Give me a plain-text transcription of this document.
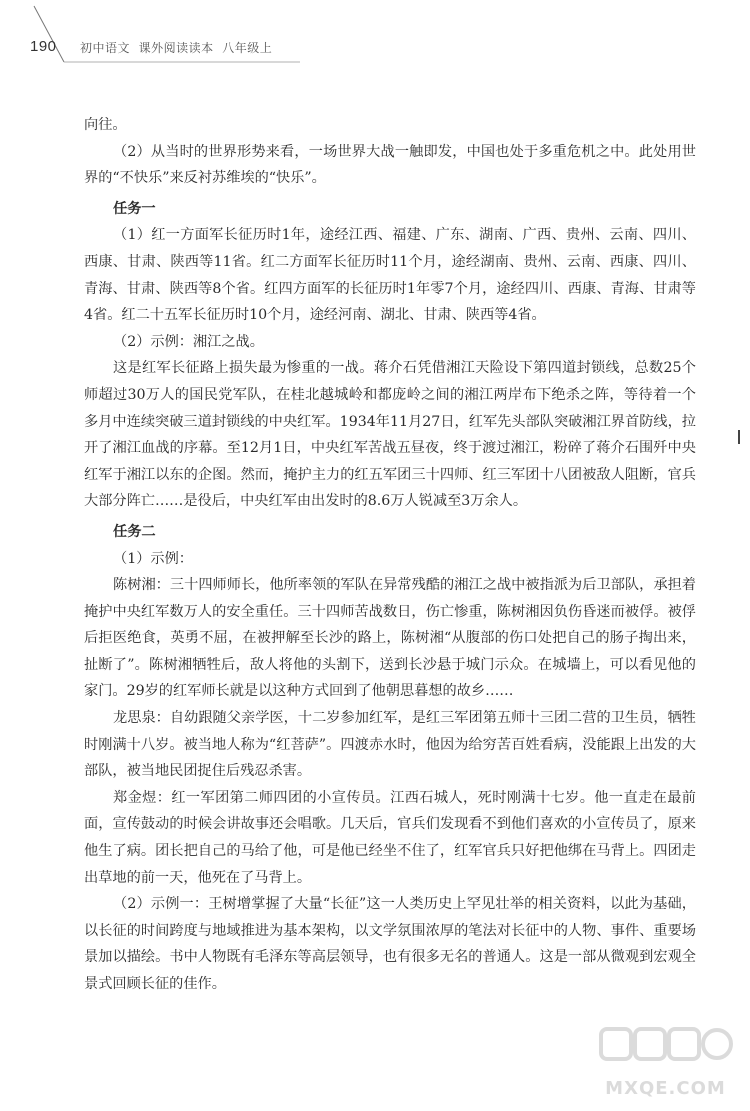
190 初中语文  课外阅读读本  八年级上

向往。

（2）从当时的世界形势来看，一场世界大战一触即发，中国也处于多重危机之中。此处用世界的“不快乐”来反衬苏维埃的“快乐”。

任务一

（1）红一方面军长征历时1年，途经江西、福建、广东、湖南、广西、贵州、云南、四川、西康、甘肃、陕西等11省。红二方面军长征历时11个月，途经湖南、贵州、云南、西康、四川、青海、甘肃、陕西等8个省。红四方面军的长征历时1年零7个月，途经四川、西康、青海、甘肃等4省。红二十五军长征历时10个月，途经河南、湖北、甘肃、陕西等4省。

（2）示例：湘江之战。

这是红军长征路上损失最为惨重的一战。蒋介石凭借湘江天险设下第四道封锁线，总数25个师超过30万人的国民党军队，在桂北越城岭和都庞岭之间的湘江两岸布下绝杀之阵，等待着一个多月中连续突破三道封锁线的中央红军。1934年11月27日，红军先头部队突破湘江界首防线，拉开了湘江血战的序幕。至12月1日，中央红军苦战五昼夜，终于渡过湘江，粉碎了蒋介石围歼中央红军于湘江以东的企图。然而，掩护主力的红五军团三十四师、红三军团十八团被敌人阻断，官兵大部分阵亡……是役后，中央红军由出发时的8.6万人锐减至3万余人。

任务二

（1）示例：

陈树湘：三十四师师长，他所率领的军队在异常残酷的湘江之战中被指派为后卫部队，承担着掩护中央红军数万人的安全重任。三十四师苦战数日，伤亡惨重，陈树湘因负伤昏迷而被俘。被俘后拒医绝食，英勇不屈，在被押解至长沙的路上，陈树湘“从腹部的伤口处把自己的肠子掏出来，扯断了”。陈树湘牺牲后，敌人将他的头割下，送到长沙悬于城门示众。在城墙上，可以看见他的家门。29岁的红军师长就是以这种方式回到了他朝思暮想的故乡……

龙思泉：自幼跟随父亲学医，十二岁参加红军，是红三军团第五师十三团二营的卫生员，牺牲时刚满十八岁。被当地人称为“红菩萨”。四渡赤水时，他因为给穷苦百姓看病，没能跟上出发的大部队，被当地民团捉住后残忍杀害。

郑金煜：红一军团第二师四团的小宣传员。江西石城人，死时刚满十七岁。他一直走在最前面，宣传鼓动的时候会讲故事还会唱歌。几天后，官兵们发现看不到他们喜欢的小宣传员了，原来他生了病。团长把自己的马给了他，可是他已经坐不住了，红军官兵只好把他绑在马背上。四团走出草地的前一天，他死在了马背上。

（2）示例一：王树增掌握了大量“长征”这一人类历史上罕见壮举的相关资料，以此为基础，以长征的时间跨度与地域推进为基本架构，以文学氛围浓厚的笔法对长征中的人物、事件、重要场景加以描绘。书中人物既有毛泽东等高层领导，也有很多无名的普通人。这是一部从微观到宏观全景式回顾长征的佳作。

MXQE.COM
